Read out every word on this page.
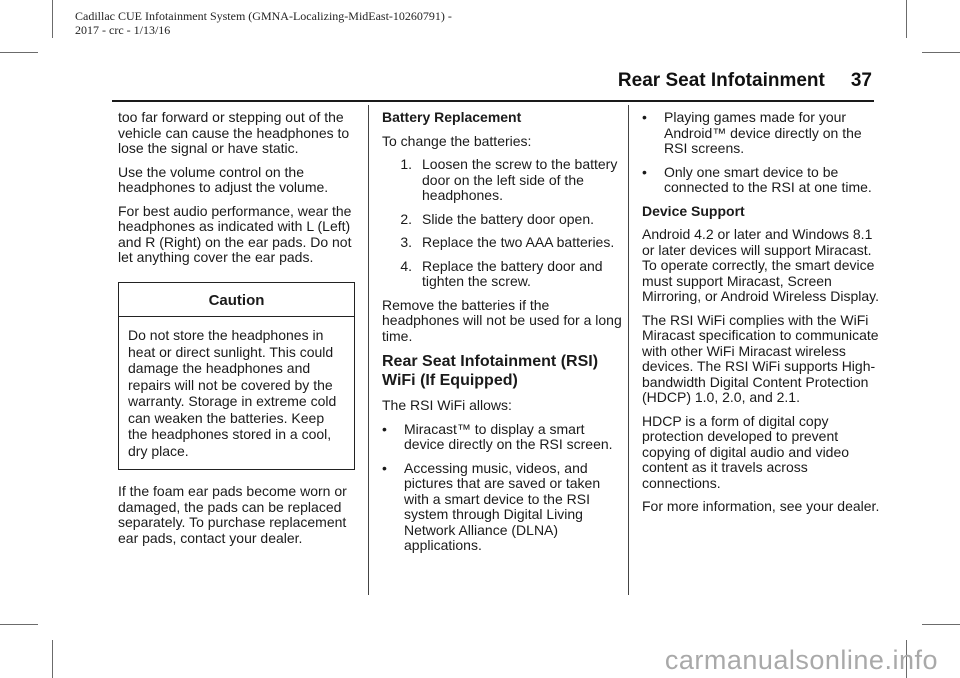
Cadillac CUE Infotainment System (GMNA-Localizing-MidEast-10260791) -
2017 - crc - 1/13/16
Rear Seat Infotainment 37

too far forward or stepping out of the vehicle can cause the headphones to lose the signal or have static.

Use the volume control on the headphones to adjust the volume.

For best audio performance, wear the headphones as indicated with L (Left) and R (Right) on the ear pads. Do not let anything cover the ear pads.

Caution
Do not store the headphones in heat or direct sunlight. This could damage the headphones and repairs will not be covered by the warranty. Storage in extreme cold can weaken the batteries. Keep the headphones stored in a cool, dry place.

If the foam ear pads become worn or damaged, the pads can be replaced separately. To purchase replacement ear pads, contact your dealer.

Battery Replacement

To change the batteries:

1. Loosen the screw to the battery door on the left side of the headphones.
2. Slide the battery door open.
3. Replace the two AAA batteries.
4. Replace the battery door and tighten the screw.

Remove the batteries if the headphones will not be used for a long time.

Rear Seat Infotainment (RSI) WiFi (If Equipped)

The RSI WiFi allows:

•	Miracast™ to display a smart device directly on the RSI screen.
•	Accessing music, videos, and pictures that are saved or taken with a smart device to the RSI system through Digital Living Network Alliance (DLNA) applications.
•	Playing games made for your Android™ device directly on the RSI screens.
•	Only one smart device to be connected to the RSI at one time.
Device Support

Android 4.2 or later and Windows 8.1 or later devices will support Miracast. To operate correctly, the smart device must support Miracast, Screen Mirroring, or Android Wireless Display.

The RSI WiFi complies with the WiFi Miracast specification to communicate with other WiFi Miracast wireless devices. The RSI WiFi supports High-bandwidth Digital Content Protection (HDCP) 1.0, 2.0, and 2.1.

HDCP is a form of digital copy protection developed to prevent copying of digital audio and video content as it travels across connections.

For more information, see your dealer.

carmanualsonline.info
